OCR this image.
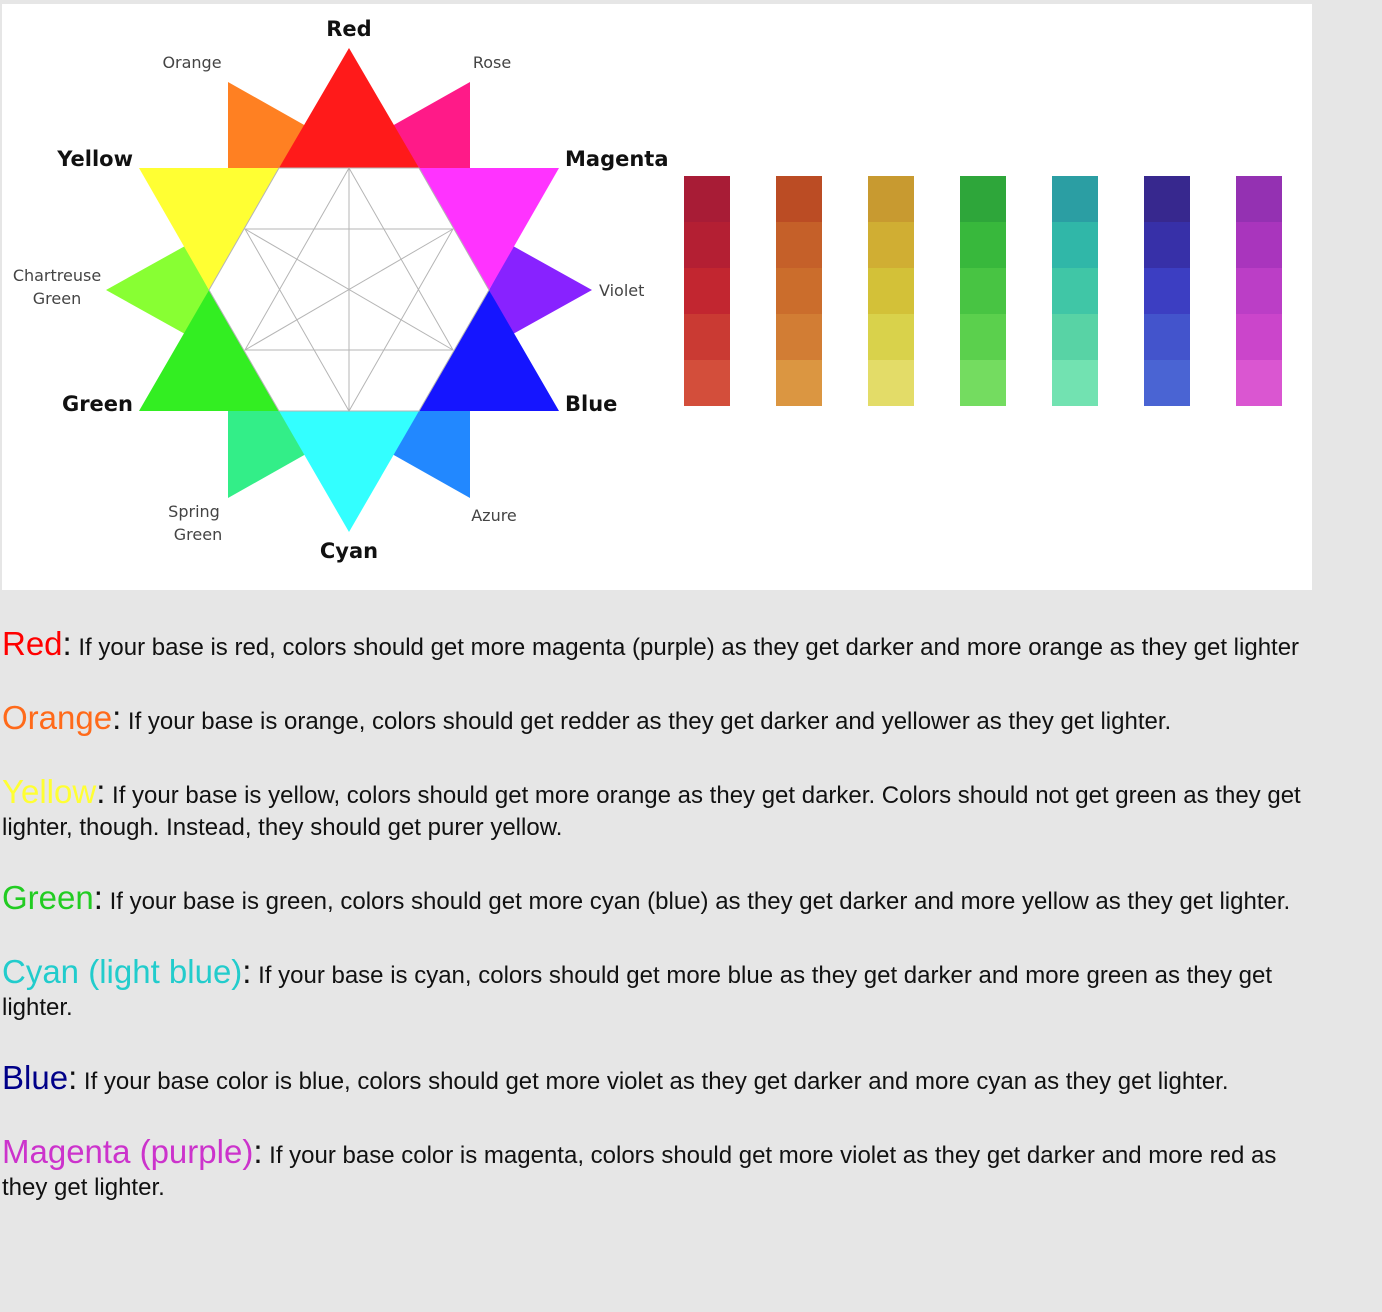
Red
Yellow	Magenta
Green	Blue
Cyan
Orange	Rose
Chartreuse
Green	Violet
Spring
Green
Azure

Red: If your base is red, colors should get more magenta (purple) as they get darker and more orange as they get lighter

Orange: If your base is orange, colors should get redder as they get darker and yellower as they get lighter.

Yellow: If your base is yellow, colors should get more orange as they get darker. Colors should not get green as they get lighter, though. Instead, they should get purer yellow.

Green: If your base is green, colors should get more cyan (blue) as they get darker and more yellow as they get lighter.

Cyan (light blue): If your base is cyan, colors should get more blue as they get darker and more green as they get lighter.

Blue: If your base color is blue, colors should get more violet as they get darker and more cyan as they get lighter.

Magenta (purple): If your base color is magenta, colors should get more violet as they get darker and more red as they get lighter.
